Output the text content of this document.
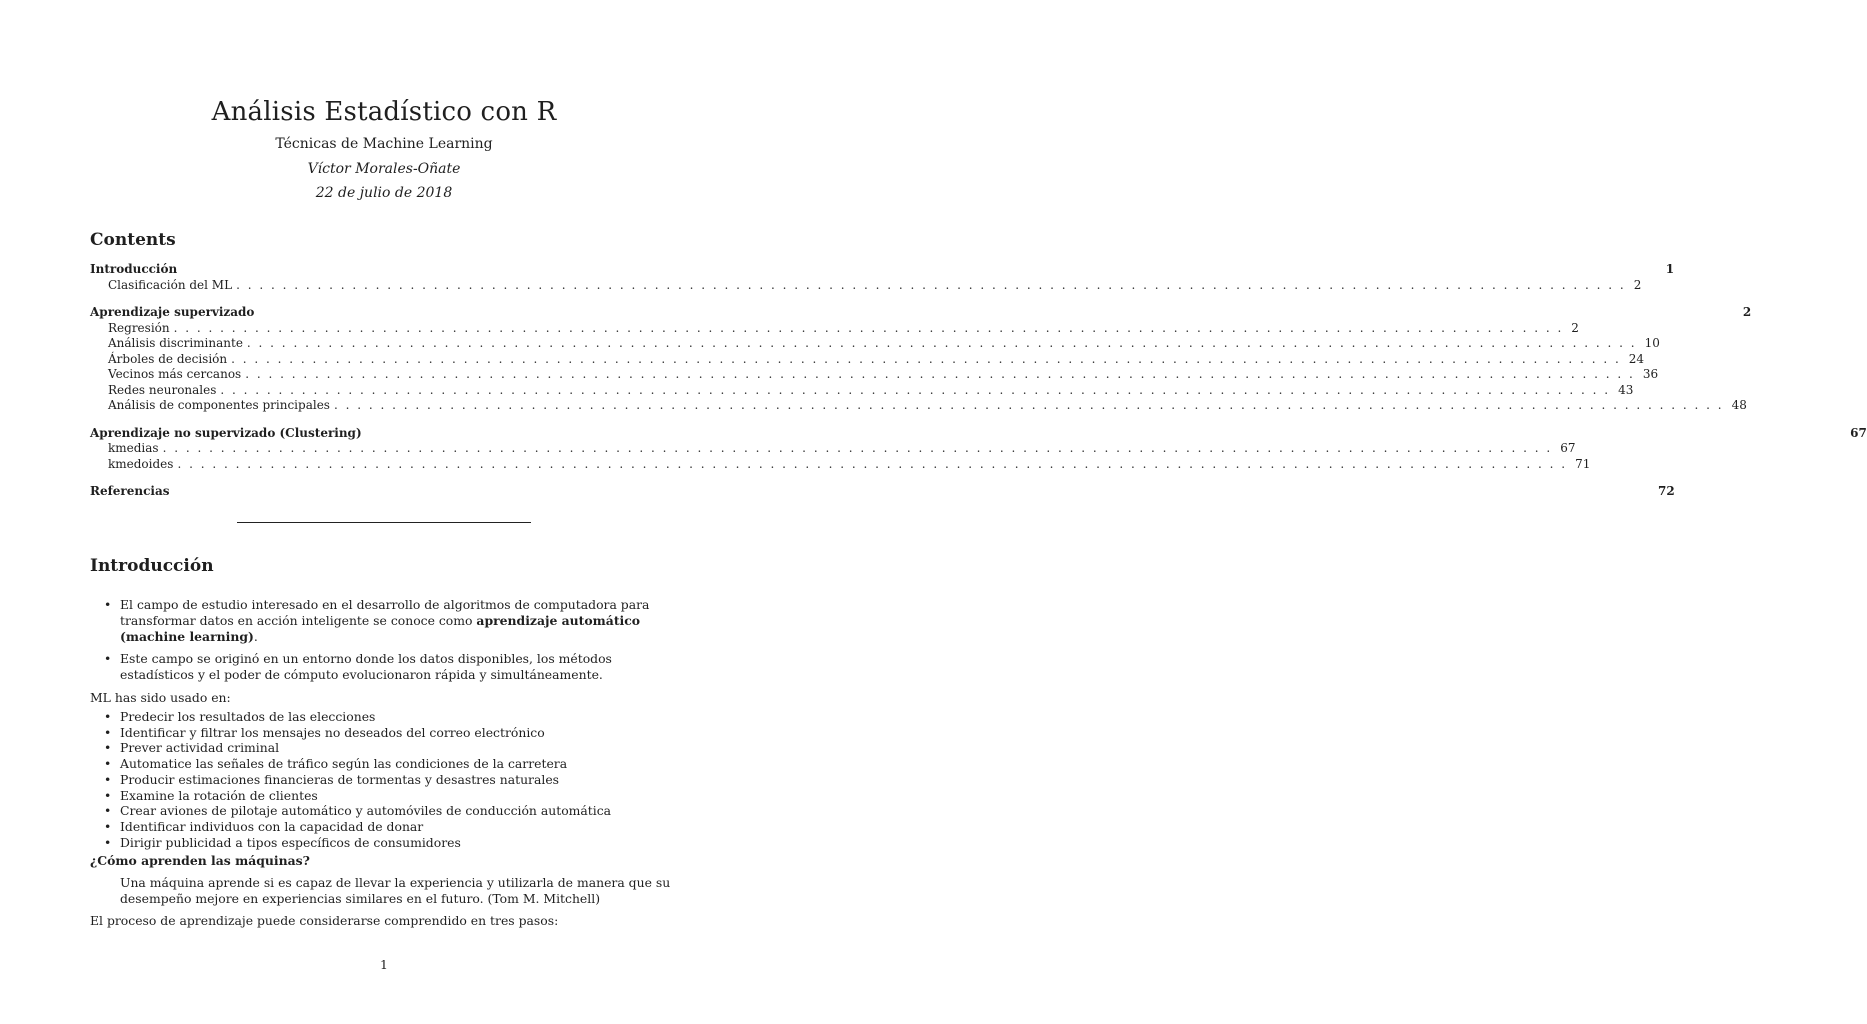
Análisis Estadístico con R
Técnicas de Machine Learning
Víctor Morales-Oñate
22 de julio de 2018
Contents
Introducción	1
Clasificación del ML . . . . . . . . . . . . . . . . . . . . . . . . . . . . . . . . . . . . . . . . . . . . . . . . . . . . . . . . . . . . . . . . . . . . . . . . . . . . . . . . . . . . . . . . . . . . . . . . . . . . . . . . . . . . . . . . . . . . . . . . 2
Aprendizaje supervizado	2
Regresión . . . . . . . . . . . . . . . . . . . . . . . . . . . . . . . . . . . . . . . . . . . . . . . . . . . . . . . . . . . . . . . . . . . . . . . . . . . . . . . . . . . . . . . . . . . . . . . . . . . . . . . . . . . . . . . . . . . . . . . . 2
Análisis discriminante . . . . . . . . . . . . . . . . . . . . . . . . . . . . . . . . . . . . . . . . . . . . . . . . . . . . . . . . . . . . . . . . . . . . . . . . . . . . . . . . . . . . . . . . . . . . . . . . . . . . . . . . . . . . . . . . . . . . . . . . 10
Árboles de decisión . . . . . . . . . . . . . . . . . . . . . . . . . . . . . . . . . . . . . . . . . . . . . . . . . . . . . . . . . . . . . . . . . . . . . . . . . . . . . . . . . . . . . . . . . . . . . . . . . . . . . . . . . . . . . . . . . . . . . . . . 24
Vecinos más cercanos . . . . . . . . . . . . . . . . . . . . . . . . . . . . . . . . . . . . . . . . . . . . . . . . . . . . . . . . . . . . . . . . . . . . . . . . . . . . . . . . . . . . . . . . . . . . . . . . . . . . . . . . . . . . . . . . . . . . . . . . 36
Redes neuronales . . . . . . . . . . . . . . . . . . . . . . . . . . . . . . . . . . . . . . . . . . . . . . . . . . . . . . . . . . . . . . . . . . . . . . . . . . . . . . . . . . . . . . . . . . . . . . . . . . . . . . . . . . . . . . . . . . . . . . . . 43
Análisis de componentes principales . . . . . . . . . . . . . . . . . . . . . . . . . . . . . . . . . . . . . . . . . . . . . . . . . . . . . . . . . . . . . . . . . . . . . . . . . . . . . . . . . . . . . . . . . . . . . . . . . . . . . . . . . . . . . . . . . . . . . . . . 48
Aprendizaje no supervizado (Clustering)	67
kmedias . . . . . . . . . . . . . . . . . . . . . . . . . . . . . . . . . . . . . . . . . . . . . . . . . . . . . . . . . . . . . . . . . . . . . . . . . . . . . . . . . . . . . . . . . . . . . . . . . . . . . . . . . . . . . . . . . . . . . . . . 67
kmedoides . . . . . . . . . . . . . . . . . . . . . . . . . . . . . . . . . . . . . . . . . . . . . . . . . . . . . . . . . . . . . . . . . . . . . . . . . . . . . . . . . . . . . . . . . . . . . . . . . . . . . . . . . . . . . . . . . . . . . . . . 71
Referencias	72
Introducción
• El campo de estudio interesado en el desarrollo de algoritmos de computadora para transformar datos en acción inteligente se conoce como aprendizaje automático (machine learning).
• Este campo se originó en un entorno donde los datos disponibles, los métodos estadísticos y el poder de cómputo evolucionaron rápida y simultáneamente.

ML has sido usado en:

• Predecir los resultados de las elecciones
• Identificar y filtrar los mensajes no deseados del correo electrónico
• Prever actividad criminal
• Automatice las señales de tráfico según las condiciones de la carretera
• Producir estimaciones financieras de tormentas y desastres naturales
• Examine la rotación de clientes
• Crear aviones de pilotaje automático y automóviles de conducción automática
• Identificar individuos con la capacidad de donar
• Dirigir publicidad a tipos específicos de consumidores
¿Cómo aprenden las máquinas?
Una máquina aprende si es capaz de llevar la experiencia y utilizarla de manera que su desempeño mejore en experiencias similares en el futuro. (Tom M. Mitchell)

El proceso de aprendizaje puede considerarse comprendido en tres pasos:

1
